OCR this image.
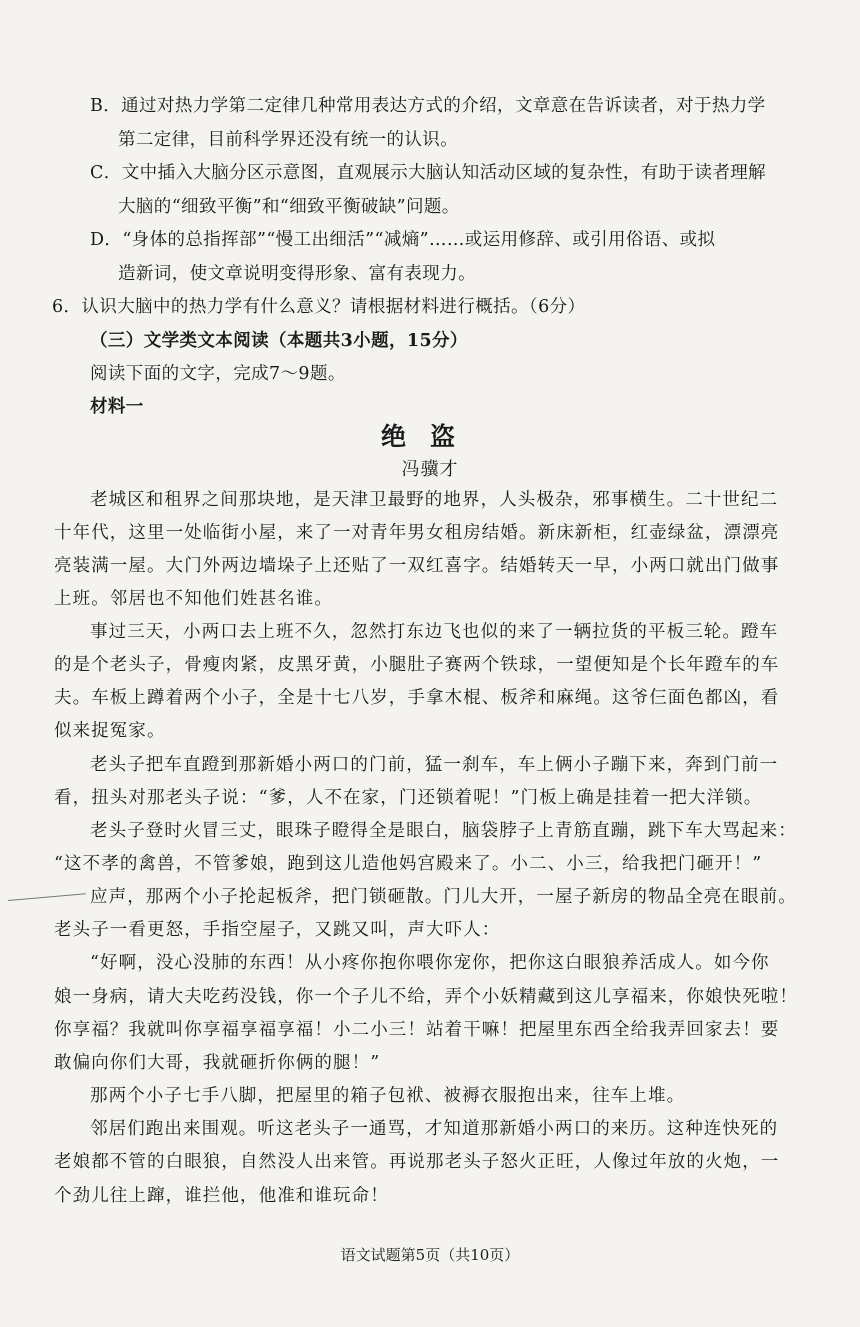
B．通过对热力学第二定律几种常用表达方式的介绍，文章意在告诉读者，对于热力学
第二定律，目前科学界还没有统一的认识。
C．文中插入大脑分区示意图，直观展示大脑认知活动区域的复杂性，有助于读者理解
大脑的“细致平衡”和“细致平衡破缺”问题。
D．“身体的总指挥部”“慢工出细活”“减熵”……或运用修辞、或引用俗语、或拟
造新词，使文章说明变得形象、富有表现力。
6．认识大脑中的热力学有什么意义？请根据材料进行概括。（6分）
（三）文学类文本阅读（本题共3小题，15分）
阅读下面的文字，完成7～9题。
材料一
绝盗
冯骥才
老城区和租界之间那块地，是天津卫最野的地界，人头极杂，邪事横生。二十世纪二
十年代，这里一处临街小屋，来了一对青年男女租房结婚。新床新柜，红壶绿盆，漂漂亮
亮装满一屋。大门外两边墙垛子上还贴了一双红喜字。结婚转天一早，小两口就出门做事
上班。邻居也不知他们姓甚名谁。
事过三天，小两口去上班不久，忽然打东边飞也似的来了一辆拉货的平板三轮。蹬车
的是个老头子，骨瘦肉紧，皮黑牙黄，小腿肚子赛两个铁球，一望便知是个长年蹬车的车
夫。车板上蹲着两个小子，全是十七八岁，手拿木棍、板斧和麻绳。这爷仨面色都凶，看
似来捉冤家。
老头子把车直蹬到那新婚小两口的门前，猛一刹车，车上俩小子蹦下来，奔到门前一
看，扭头对那老头子说：“爹，人不在家，门还锁着呢！”门板上确是挂着一把大洋锁。
老头子登时火冒三丈，眼珠子瞪得全是眼白，脑袋脖子上青筋直蹦，跳下车大骂起来：
“这不孝的禽兽，不管爹娘，跑到这儿造他妈宫殿来了。小二、小三，给我把门砸开！”
应声，那两个小子抡起板斧，把门锁砸散。门儿大开，一屋子新房的物品全亮在眼前。
老头子一看更怒，手指空屋子，又跳又叫，声大吓人：
“好啊，没心没肺的东西！从小疼你抱你喂你宠你，把你这白眼狼养活成人。如今你
娘一身病，请大夫吃药没钱，你一个子儿不给，弄个小妖精藏到这儿享福来，你娘快死啦！
你享福？我就叫你享福享福享福！小二小三！站着干嘛！把屋里东西全给我弄回家去！要
敢偏向你们大哥，我就砸折你俩的腿！”
那两个小子七手八脚，把屋里的箱子包袱、被褥衣服抱出来，往车上堆。
邻居们跑出来围观。听这老头子一通骂，才知道那新婚小两口的来历。这种连快死的
老娘都不管的白眼狼，自然没人出来管。再说那老头子怒火正旺，人像过年放的火炮，一
个劲儿往上蹿，谁拦他，他准和谁玩命！
语文试题第5页（共10页）
